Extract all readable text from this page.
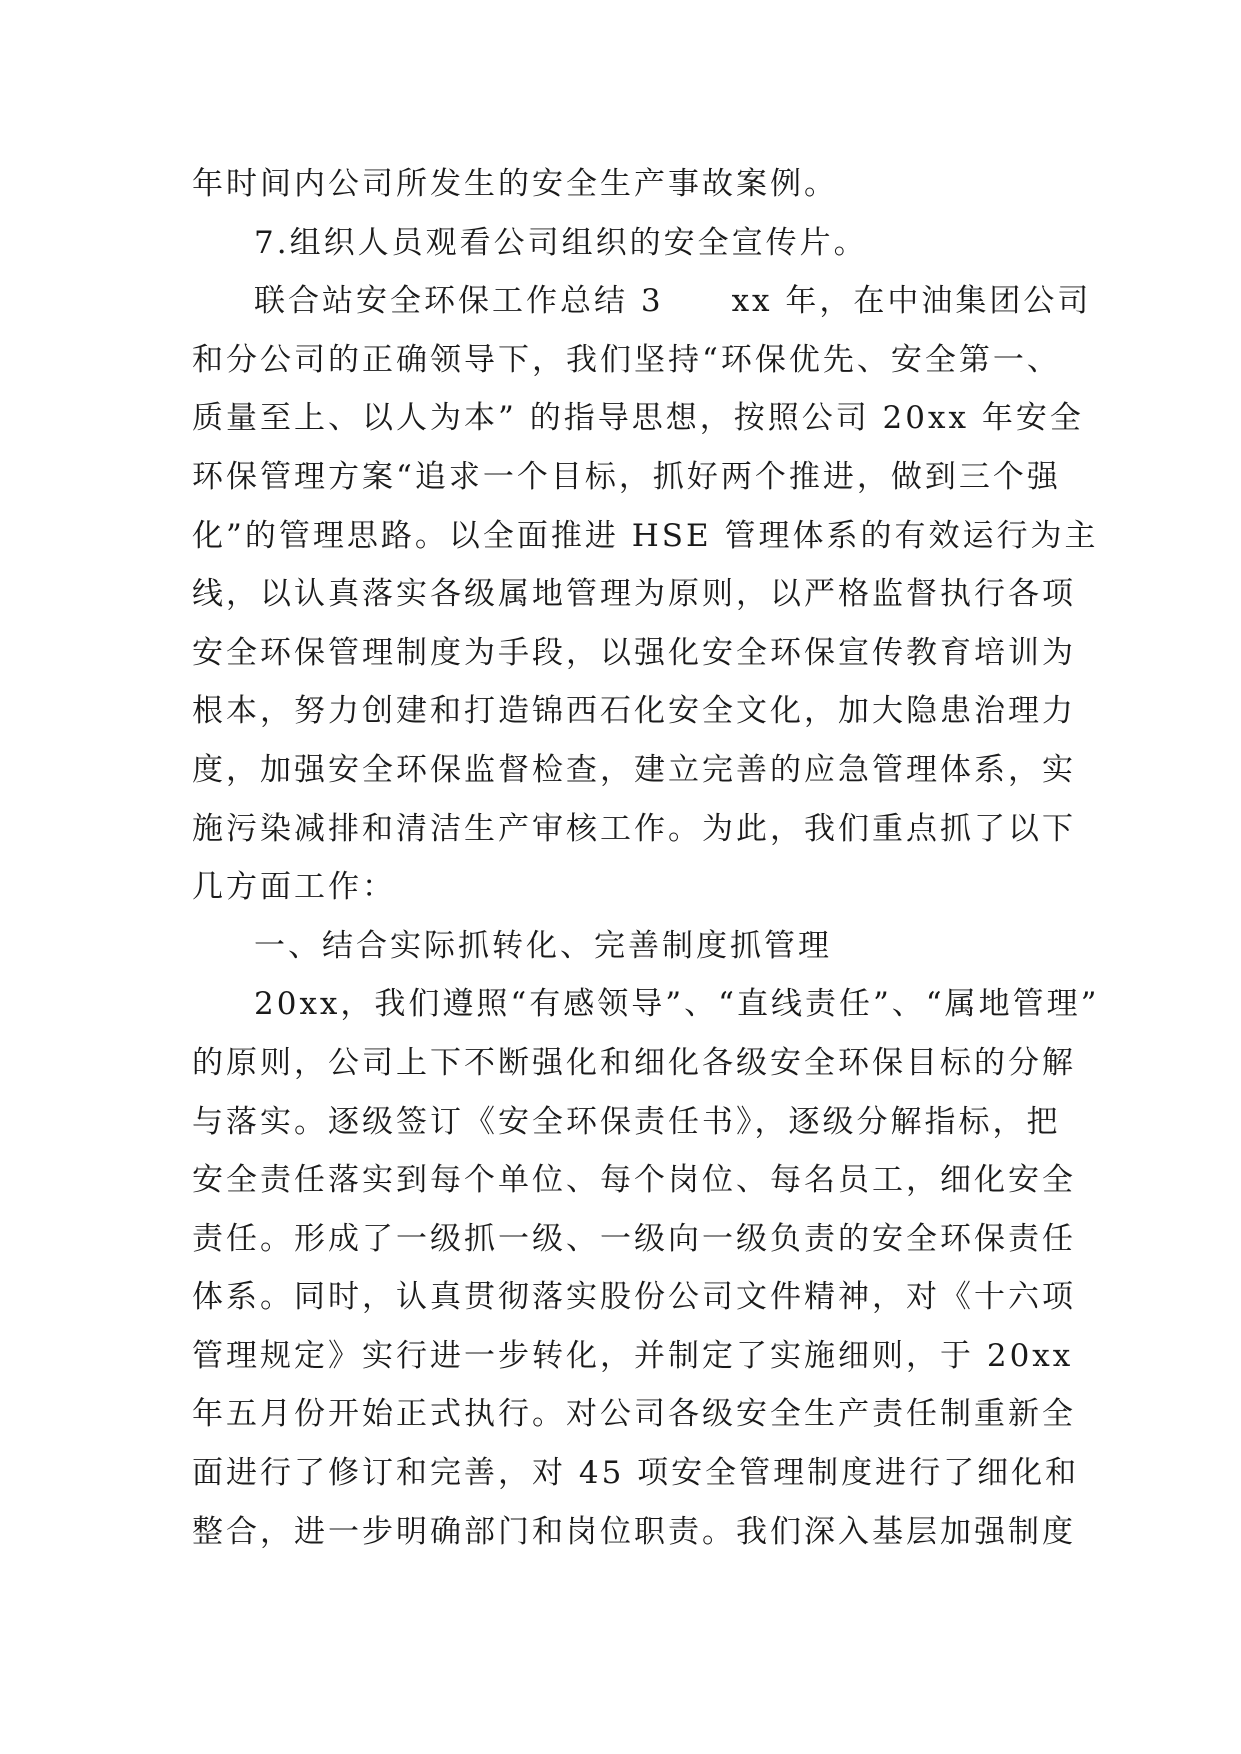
年时间内公司所发生的安全生产事故案例。
7.组织人员观看公司组织的安全宣传片。
联合站安全环保工作总结 3　　xx 年，在中油集团公司
和分公司的正确领导下，我们坚持“环保优先、安全第一、
质量至上、以人为本” 的指导思想，按照公司 20xx 年安全
环保管理方案“追求一个目标，抓好两个推进，做到三个强
化”的管理思路。以全面推进 HSE 管理体系的有效运行为主
线，以认真落实各级属地管理为原则，以严格监督执行各项
安全环保管理制度为手段，以强化安全环保宣传教育培训为
根本，努力创建和打造锦西石化安全文化，加大隐患治理力
度，加强安全环保监督检查，建立完善的应急管理体系，实
施污染减排和清洁生产审核工作。为此，我们重点抓了以下
几方面工作：
一、结合实际抓转化、完善制度抓管理
20xx，我们遵照“有感领导”、“直线责任”、“属地管理”
的原则，公司上下不断强化和细化各级安全环保目标的分解
与落实。逐级签订《安全环保责任书》，逐级分解指标，把
安全责任落实到每个单位、每个岗位、每名员工，细化安全
责任。形成了一级抓一级、一级向一级负责的安全环保责任
体系。同时，认真贯彻落实股份公司文件精神，对《十六项
管理规定》实行进一步转化，并制定了实施细则，于 20xx
年五月份开始正式执行。对公司各级安全生产责任制重新全
面进行了修订和完善，对 45 项安全管理制度进行了细化和
整合，进一步明确部门和岗位职责。我们深入基层加强制度
